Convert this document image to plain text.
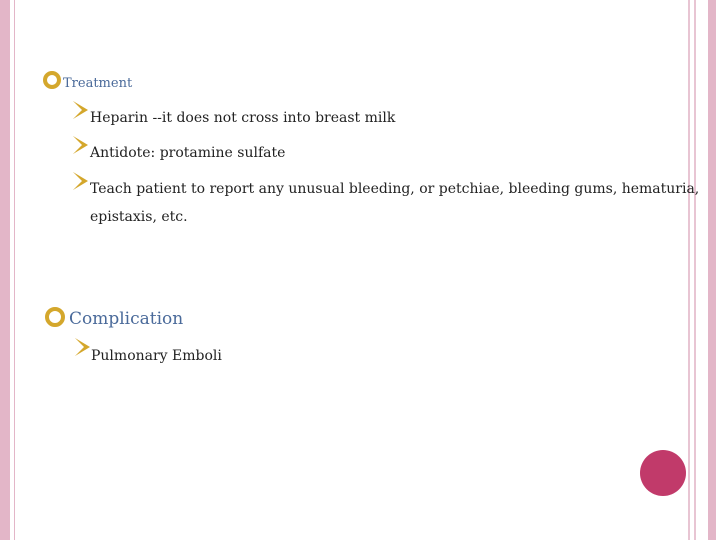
Treatment
Heparin --it does not cross into breast milk
Antidote: protamine sulfate
Teach patient to report any unusual bleeding, or petchiae, bleeding gums, hematuria,
epistaxis, etc.
Complication
Pulmonary Emboli
